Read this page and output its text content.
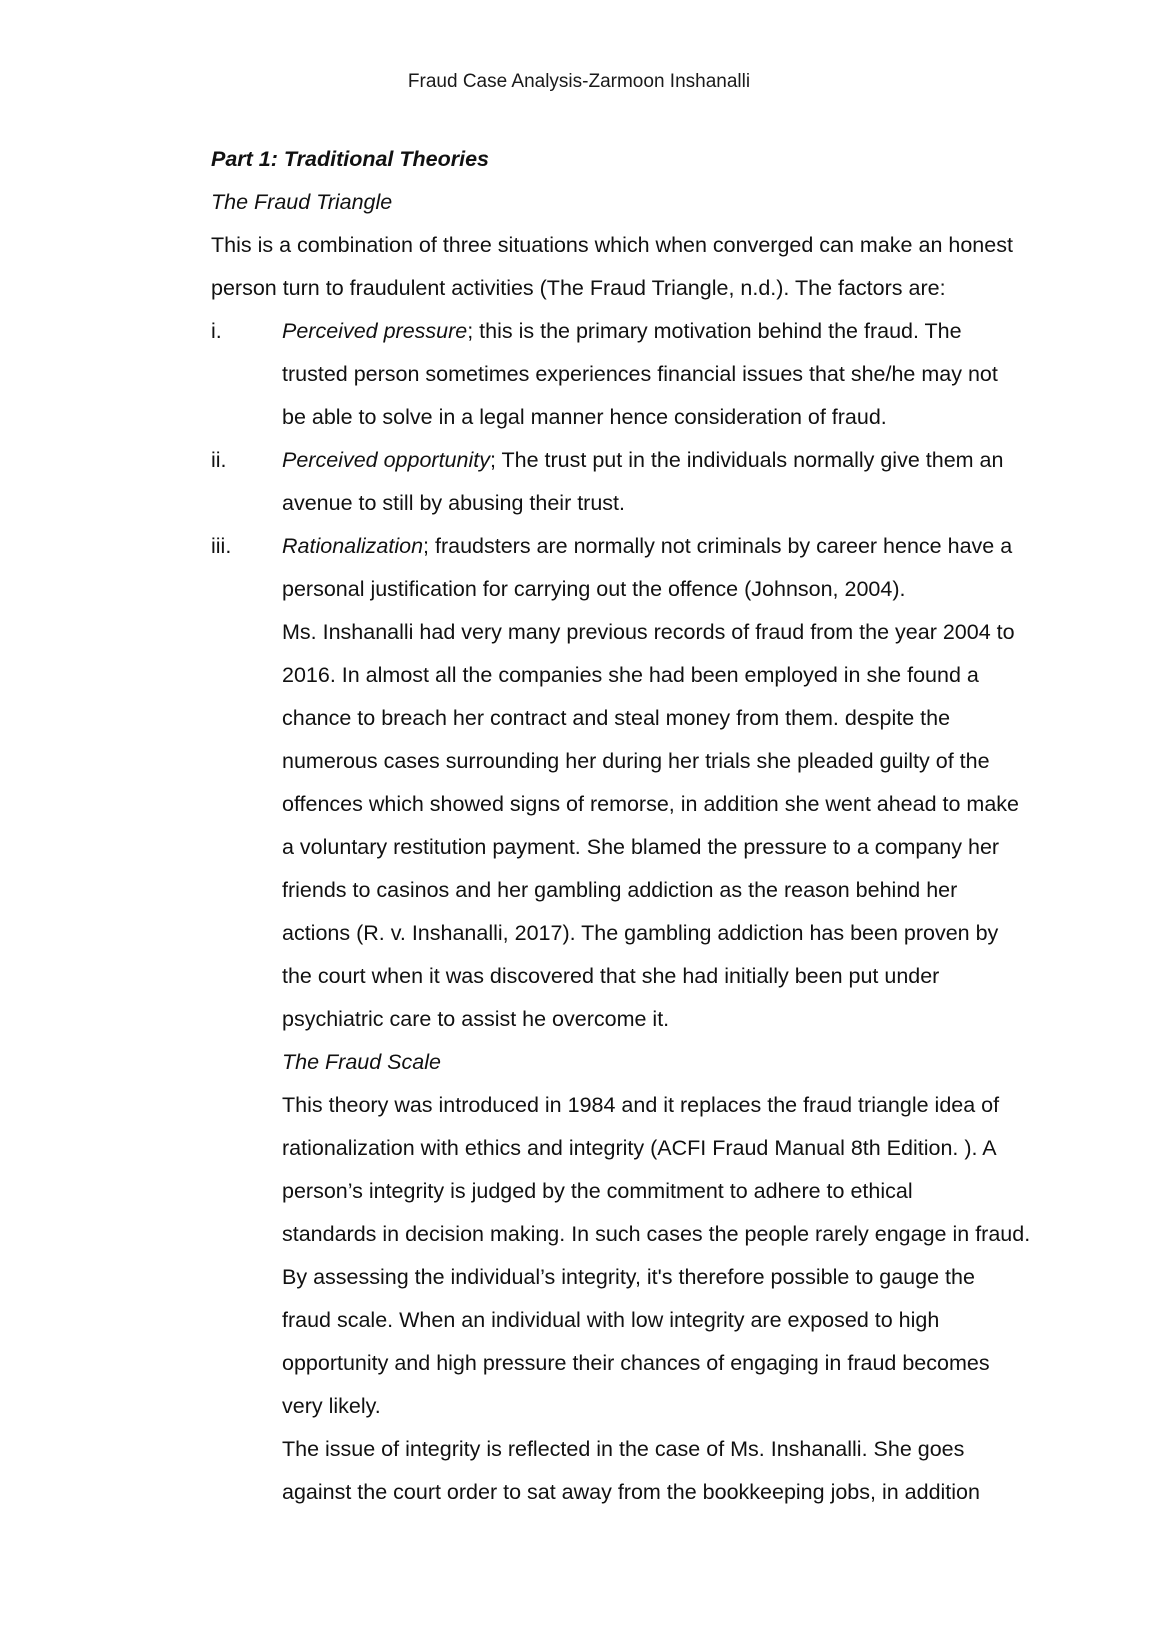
Fraud Case Analysis-Zarmoon Inshanalli

Part 1: Traditional Theories

The Fraud Triangle

This is a combination of three situations which when converged can make an honest

person turn to fraudulent activities (The Fraud Triangle, n.d.). The factors are:

i.	Perceived pressure; this is the primary motivation behind the fraud. The

trusted person sometimes experiences financial issues that she/he may not

be able to solve in a legal manner hence consideration of fraud.

ii.	Perceived opportunity; The trust put in the individuals normally give them an

avenue to still by abusing their trust.

iii. Rationalization; fraudsters are normally not criminals by career hence have a

personal justification for carrying out the offence (Johnson, 2004).

Ms. Inshanalli had very many previous records of fraud from the year 2004 to

2016. In almost all the companies she had been employed in she found a

chance to breach her contract and steal money from them. despite the

numerous cases surrounding her during her trials she pleaded guilty of the

offences which showed signs of remorse, in addition she went ahead to make

a voluntary restitution payment. She blamed the pressure to a company her

friends to casinos and her gambling addiction as the reason behind her

actions (R. v. Inshanalli, 2017). The gambling addiction has been proven by

the court when it was discovered that she had initially been put under

psychiatric care to assist he overcome it.

The Fraud Scale

This theory was introduced in 1984 and it replaces the fraud triangle idea of

rationalization with ethics and integrity (ACFI Fraud Manual 8th Edition. ). A

person’s integrity is judged by the commitment to adhere to ethical

standards in decision making. In such cases the people rarely engage in fraud.

By assessing the individual’s integrity, it's therefore possible to gauge the

fraud scale. When an individual with low integrity are exposed to high

opportunity and high pressure their chances of engaging in fraud becomes

very likely.

The issue of integrity is reflected in the case of Ms. Inshanalli. She goes

against the court order to sat away from the bookkeeping jobs, in addition
